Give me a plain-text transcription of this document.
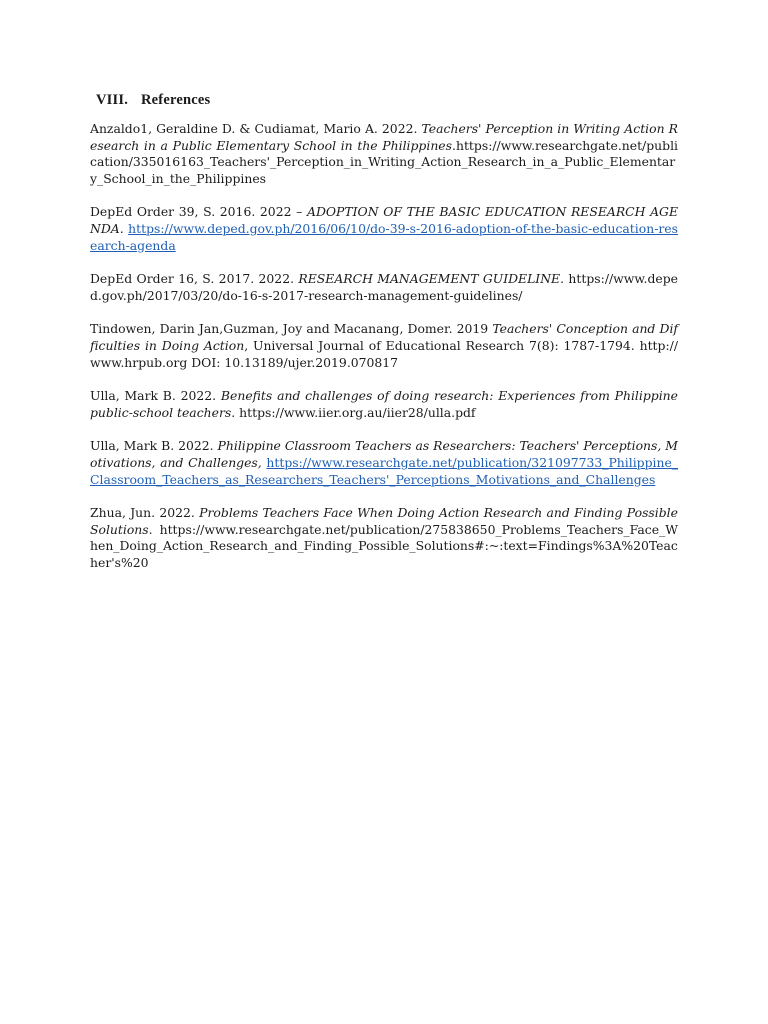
VIII. References

Anzaldo1, Geraldine D. & Cudiamat, Mario A. 2022. Teachers' Perception in Writing Action Research in a Public Elementary School in the Philippines.https://www.researchgate.net/publication/335016163_Teachers'_Perception_in_Writing_Action_Research_in_a_Public_Elementary_School_in_the_Philippines

DepEd Order 39, S. 2016. 2022 – ADOPTION OF THE BASIC EDUCATION RESEARCH AGENDA. https://www.deped.gov.ph/2016/06/10/do-39-s-2016-adoption-of-the-basic-education-research-agenda

DepEd Order 16, S. 2017. 2022. RESEARCH MANAGEMENT GUIDELINE. https://www.deped.gov.ph/2017/03/20/do-16-s-2017-research-management-guidelines/

Tindowen, Darin Jan,Guzman, Joy and Macanang, Domer. 2019 Teachers' Conception and Difficulties in Doing Action, Universal Journal of Educational Research 7(8): 1787-1794. http://www.hrpub.org DOI: 10.13189/ujer.2019.070817

Ulla, Mark B. 2022. Benefits and challenges of doing research: Experiences from Philippine public-school teachers. https://www.iier.org.au/iier28/ulla.pdf

Ulla, Mark B. 2022. Philippine Classroom Teachers as Researchers: Teachers' Perceptions, Motivations, and Challenges, https://www.researchgate.net/publication/321097733_Philippine_Classroom_Teachers_as_Researchers_Teachers'_Perceptions_Motivations_and_Challenges

Zhua, Jun. 2022. Problems Teachers Face When Doing Action Research and Finding Possible Solutions. https://www.researchgate.net/publication/275838650_Problems_Teachers_Face_When_Doing_Action_Research_and_Finding_Possible_Solutions#:~:text=Findings%3A%20Teacher's%20
